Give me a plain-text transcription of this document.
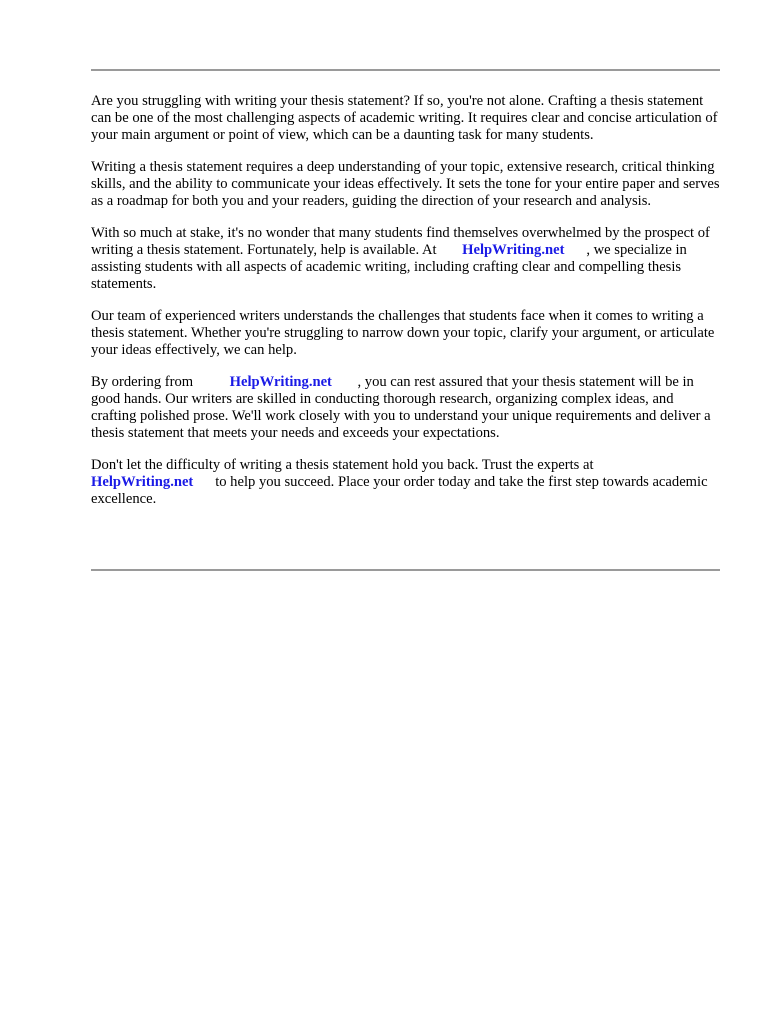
Are you struggling with writing your thesis statement? If so, you're not alone. Crafting a thesis statement can be one of the most challenging aspects of academic writing. It requires clear and concise articulation of your main argument or point of view, which can be a daunting task for many students.

Writing a thesis statement requires a deep understanding of your topic, extensive research, critical thinking skills, and the ability to communicate your ideas effectively. It sets the tone for your entire paper and serves as a roadmap for both you and your readers, guiding the direction of your research and analysis.

With so much at stake, it's no wonder that many students find themselves overwhelmed by the prospect of writing a thesis statement. Fortunately, help is available. At HelpWriting.net , we specialize in assisting students with all aspects of academic writing, including crafting clear and compelling thesis statements.

Our team of experienced writers understands the challenges that students face when it comes to writing a thesis statement. Whether you're struggling to narrow down your topic, clarify your argument, or articulate your ideas effectively, we can help.

By ordering from HelpWriting.net , you can rest assured that your thesis statement will be in good hands. Our writers are skilled in conducting thorough research, organizing complex ideas, and crafting polished prose. We'll work closely with you to understand your unique requirements and deliver a thesis statement that meets your needs and exceeds your expectations.

Don't let the difficulty of writing a thesis statement hold you back. Trust the experts at HelpWriting.net to help you succeed. Place your order today and take the first step towards academic excellence.
